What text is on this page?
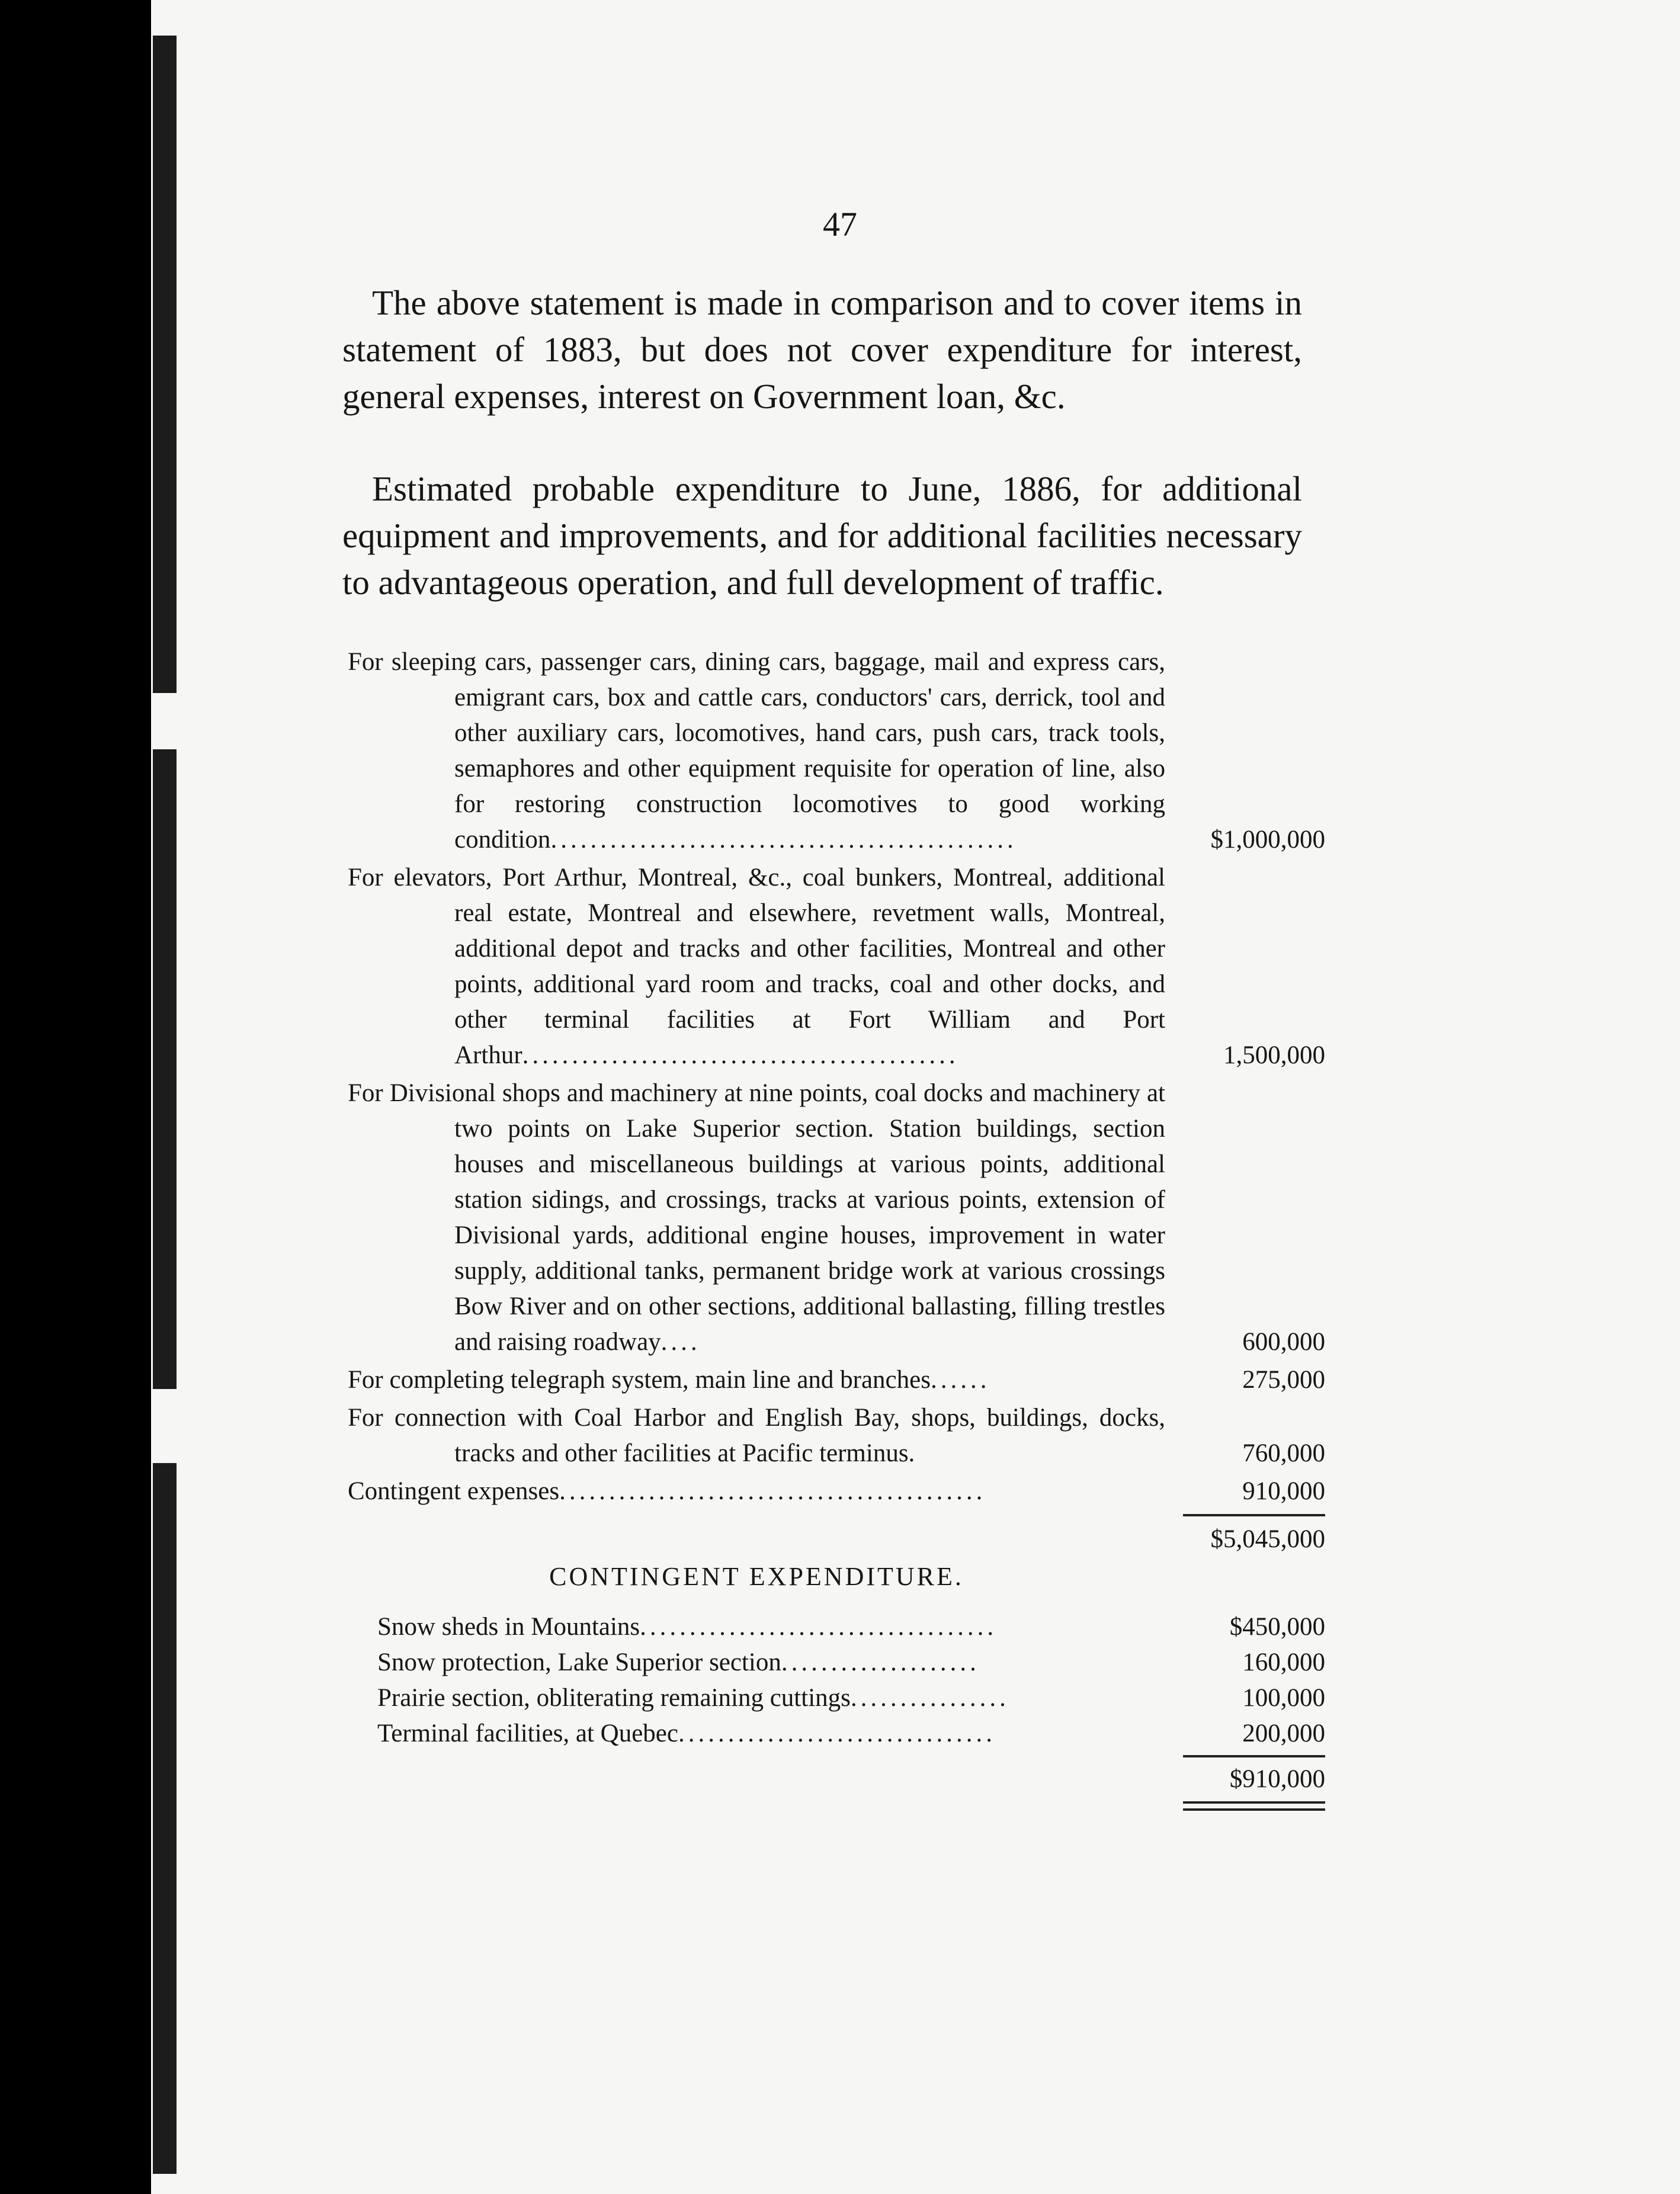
47

The above statement is made in comparison and to cover items in statement of 1883, but does not cover expenditure for interest, general expenses, interest on Government loan, &c.

Estimated probable expenditure to June, 1886, for additional equipment and improvements, and for additional facilities necessary to advantageous operation, and full development of traffic.

For sleeping cars, passenger cars, dining cars, baggage, mail and express cars, emigrant cars, box and cattle cars, conductors' cars, derrick, tool and other auxiliary cars, locomotives, hand cars, push cars, track tools, semaphores and other equipment requisite for operation of line, also for restoring construction locomotives to good working condition...............................................	$1,000,000
For elevators, Port Arthur, Montreal, &c., coal bunkers, Montreal, additional real estate, Montreal and elsewhere, revetment walls, Montreal, additional depot and tracks and other facilities, Montreal and other points, additional yard room and tracks, coal and other docks, and other terminal facilities at Fort William and Port Arthur............................................	1,500,000
For Divisional shops and machinery at nine points, coal docks and machinery at two points on Lake Superior section. Station buildings, section houses and miscellaneous buildings at various points, additional station sidings, and crossings, tracks at various points, extension of Divisional yards, additional engine houses, improvement in water supply, additional tanks, permanent bridge work at various crossings Bow River and on other sections, additional ballasting, filling trestles and raising roadway....	600,000
For completing telegraph system, main line and branches......	275,000
For connection with Coal Harbor and English Bay, shops, buildings, docks, tracks and other facilities at Pacific terminus.	760,000
Contingent expenses...........................................	910,000
$5,045,000
CONTINGENT EXPENDITURE.
Snow sheds in Mountains....................................	$450,000
Snow protection, Lake Superior section....................	160,000
Prairie section, obliterating remaining cuttings................	100,000
Terminal facilities, at Quebec................................	200,000
$910,000
